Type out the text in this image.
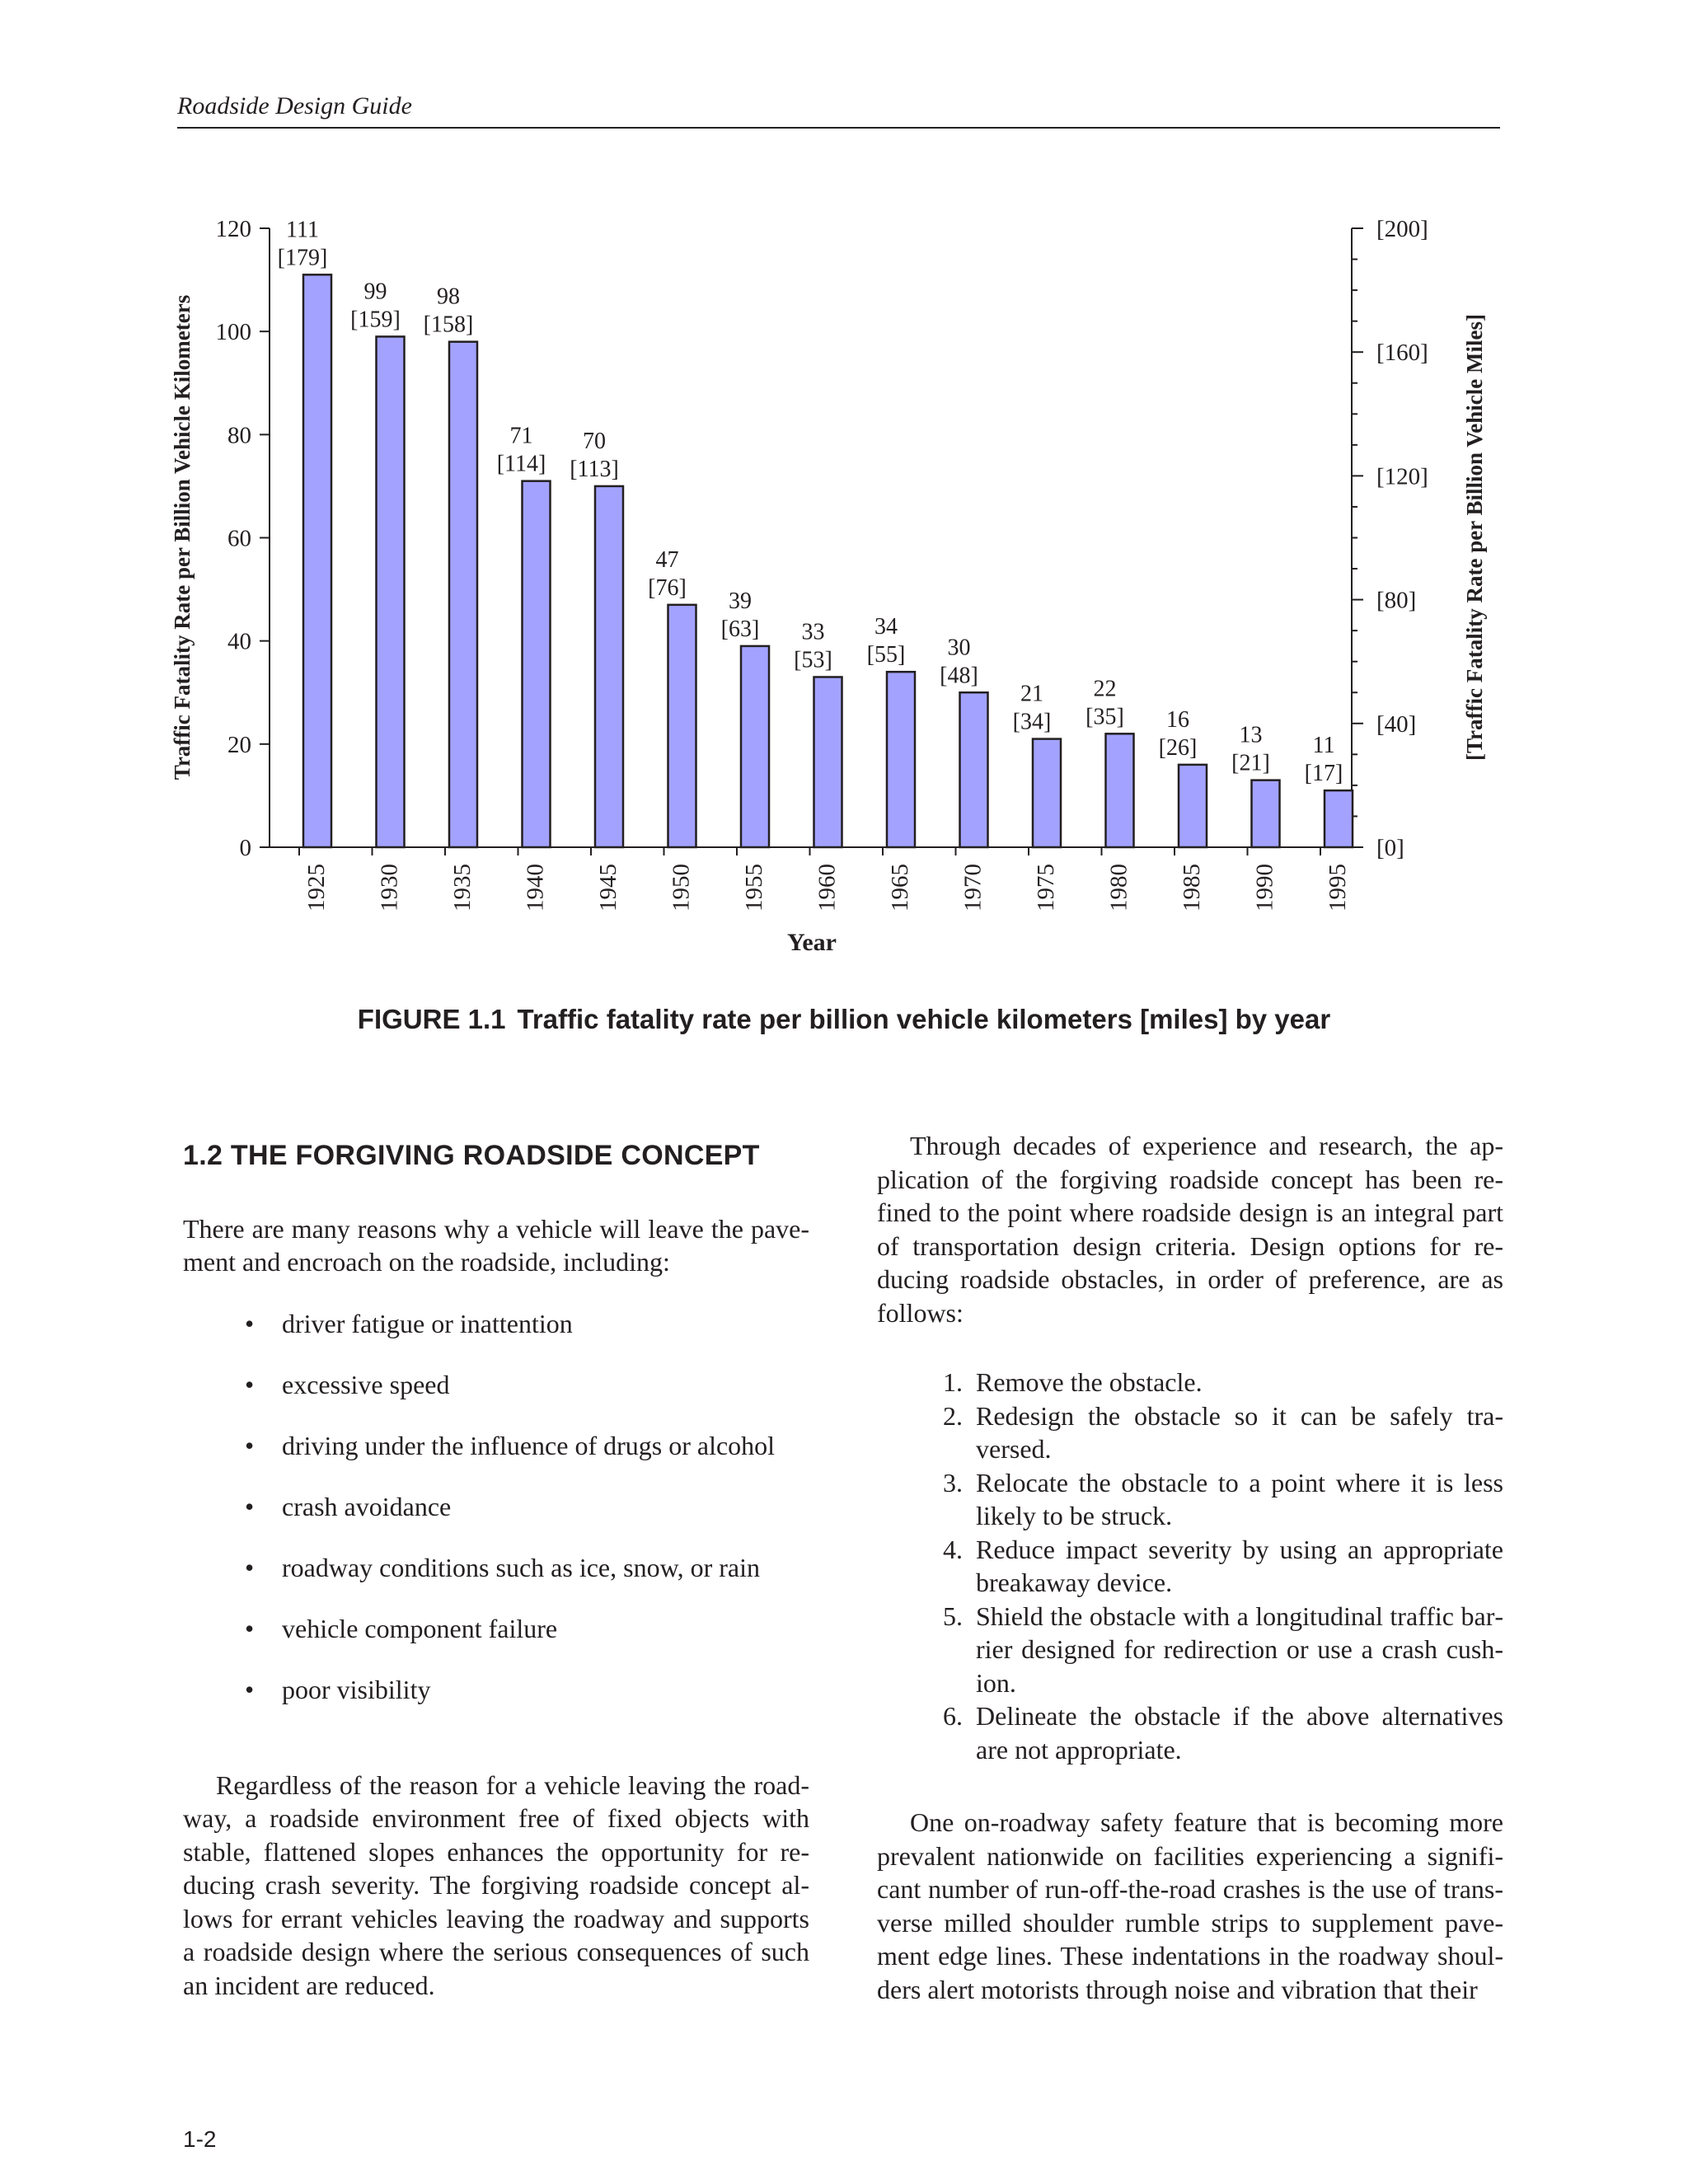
Roadside Design Guide
0
20
40
60
80
100
120
[0]
[40]
[80]
[120]
[160]
[200]
111
[179]
1925
99
[159]
1930
98
[158]
1935
71
[114]
1940
70
[113]
1945
47
[76]
1950
39
[63]
1955
33
[53]
1960
34
[55]
1965
30
[48]
1970
21
[34]
1975
22
[35]
1980
16
[26]
1985
13
[21]
1990
11
[17]
1995
Year
Traffic Fatality Rate per Billion Vehicle Kilometers	[Traffic Fatality Rate per Billion Vehicle Miles]
FIGURE 1.1 Traffic fatality rate per billion vehicle kilometers [miles] by year
1.2 THE FORGIVING ROADSIDE CONCEPT

There are many reasons why a vehicle will leave the pavement and encroach on the roadside, including:

• driver fatigue or inattention
• excessive speed
• driving under the influence of drugs or alcohol
• crash avoidance
• roadway conditions such as ice, snow, or rain
• vehicle component failure
• poor visibility

Regardless of the reason for a vehicle leaving the roadway, a roadside environment free of fixed objects with stable, flattened slopes enhances the opportunity for reducing crash severity. The forgiving roadside concept allows for errant vehicles leaving the roadway and supports a roadside design where the serious consequences of such an incident are reduced.

Through decades of experience and research, the application of the forgiving roadside concept has been refined to the point where roadside design is an integral part of transportation design criteria. Design options for reducing roadside obstacles, in order of preference, are as follows:

1. Remove the obstacle.
2. Redesign the obstacle so it can be safely traversed.
3. Relocate the obstacle to a point where it is less likely to be struck.
4. Reduce impact severity by using an appropriate breakaway device.
5. Shield the obstacle with a longitudinal traffic barrier designed for redirection or use a crash cushion.
6. Delineate the obstacle if the above alternatives are not appropriate.

One on-roadway safety feature that is becoming more prevalent nationwide on facilities experiencing a significant number of run-off-the-road crashes is the use of transverse milled shoulder rumble strips to supplement pavement edge lines. These indentations in the roadway shoulders alert motorists through noise and vibration that their

1-2
